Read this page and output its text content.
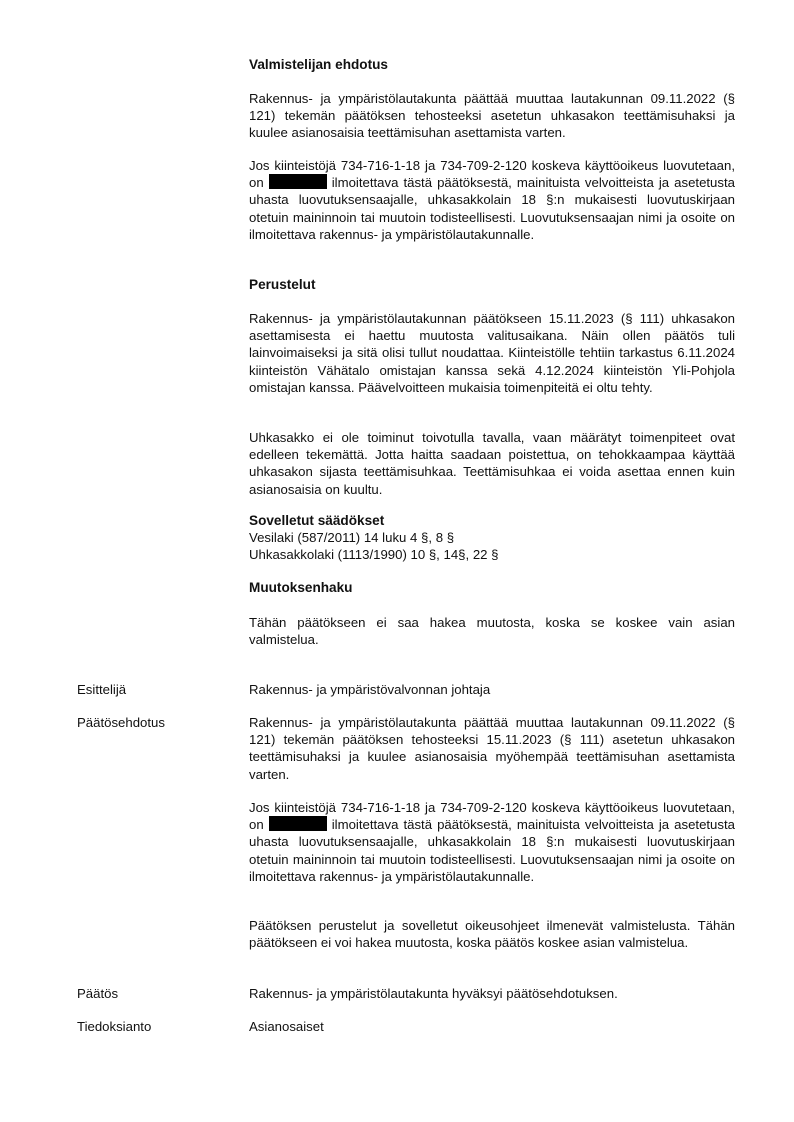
Valmistelijan ehdotus

Rakennus- ja ympäristölautakunta päättää muuttaa lautakunnan 09.11.2022 (§ 121) tekemän päätöksen tehosteeksi asetetun uhkasakon teettämisuhaksi ja kuulee asianosaisia teettämisuhan asettamista varten.

Jos kiinteistöjä 734-716-1-18 ja 734-709-2-120 koskeva käyttöoikeus luovutetaan, on	ilmoitettava tästä päätöksestä, mainituista velvoitteista ja asetetusta uhasta luovutuksensaajalle, uhkasakkolain 18 §:n mukaisesti luovutuskirjaan otetuin maininnoin tai muutoin todisteellisesti. Luovutuksensaajan nimi ja osoite on ilmoitettava rakennus- ja ympäristölautakunnalle.

Perustelut

Rakennus- ja ympäristölautakunnan päätökseen 15.11.2023 (§ 111) uhkasakon asettamisesta ei haettu muutosta valitusaikana. Näin ollen päätös tuli lainvoimaiseksi ja sitä olisi tullut noudattaa. Kiinteistölle tehtiin tarkastus 6.11.2024 kiinteistön Vähätalo omistajan kanssa sekä 4.12.2024 kiinteistön Yli-Pohjola omistajan kanssa. Päävelvoitteen mukaisia toimenpiteitä ei oltu tehty.

Uhkasakko ei ole toiminut toivotulla tavalla, vaan määrätyt toimenpiteet ovat edelleen tekemättä. Jotta haitta saadaan poistettua, on tehokkaampaa käyttää uhkasakon sijasta teettämisuhkaa. Teettämisuhkaa ei voida asettaa ennen kuin asianosaisia on kuultu.

Sovelletut säädökset
Vesilaki (587/2011) 14 luku 4 §, 8 §
Uhkasakkolaki (1113/1990) 10 §, 14§, 22 §
Muutoksenhaku

Tähän päätökseen ei saa hakea muutosta, koska se koskee vain asian valmistelua.

Esittelijä	Rakennus- ja ympäristövalvonnan johtaja
Päätösehdotus	Rakennus- ja ympäristölautakunta päättää muuttaa lautakunnan 09.11.2022 (§ 121) tekemän päätöksen tehosteeksi 15.11.2023 (§ 111) asetetun uhkasakon teettämisuhaksi ja kuulee asianosaisia myöhempää teettämisuhan asettamista varten.

Jos kiinteistöjä 734-716-1-18 ja 734-709-2-120 koskeva käyttöoikeus luovutetaan, on	ilmoitettava tästä päätöksestä, mainituista velvoitteista ja asetetusta uhasta luovutuksensaajalle, uhkasakkolain 18 §:n mukaisesti luovutuskirjaan otetuin maininnoin tai muutoin todisteellisesti. Luovutuksensaajan nimi ja osoite on ilmoitettava rakennus- ja ympäristölautakunnalle.

Päätöksen perustelut ja sovelletut oikeusohjeet ilmenevät valmistelusta. Tähän päätökseen ei voi hakea muutosta, koska päätös koskee asian valmistelua.

Päätös	Rakennus- ja ympäristölautakunta hyväksyi päätösehdotuksen.
Tiedoksianto	Asianosaiset
